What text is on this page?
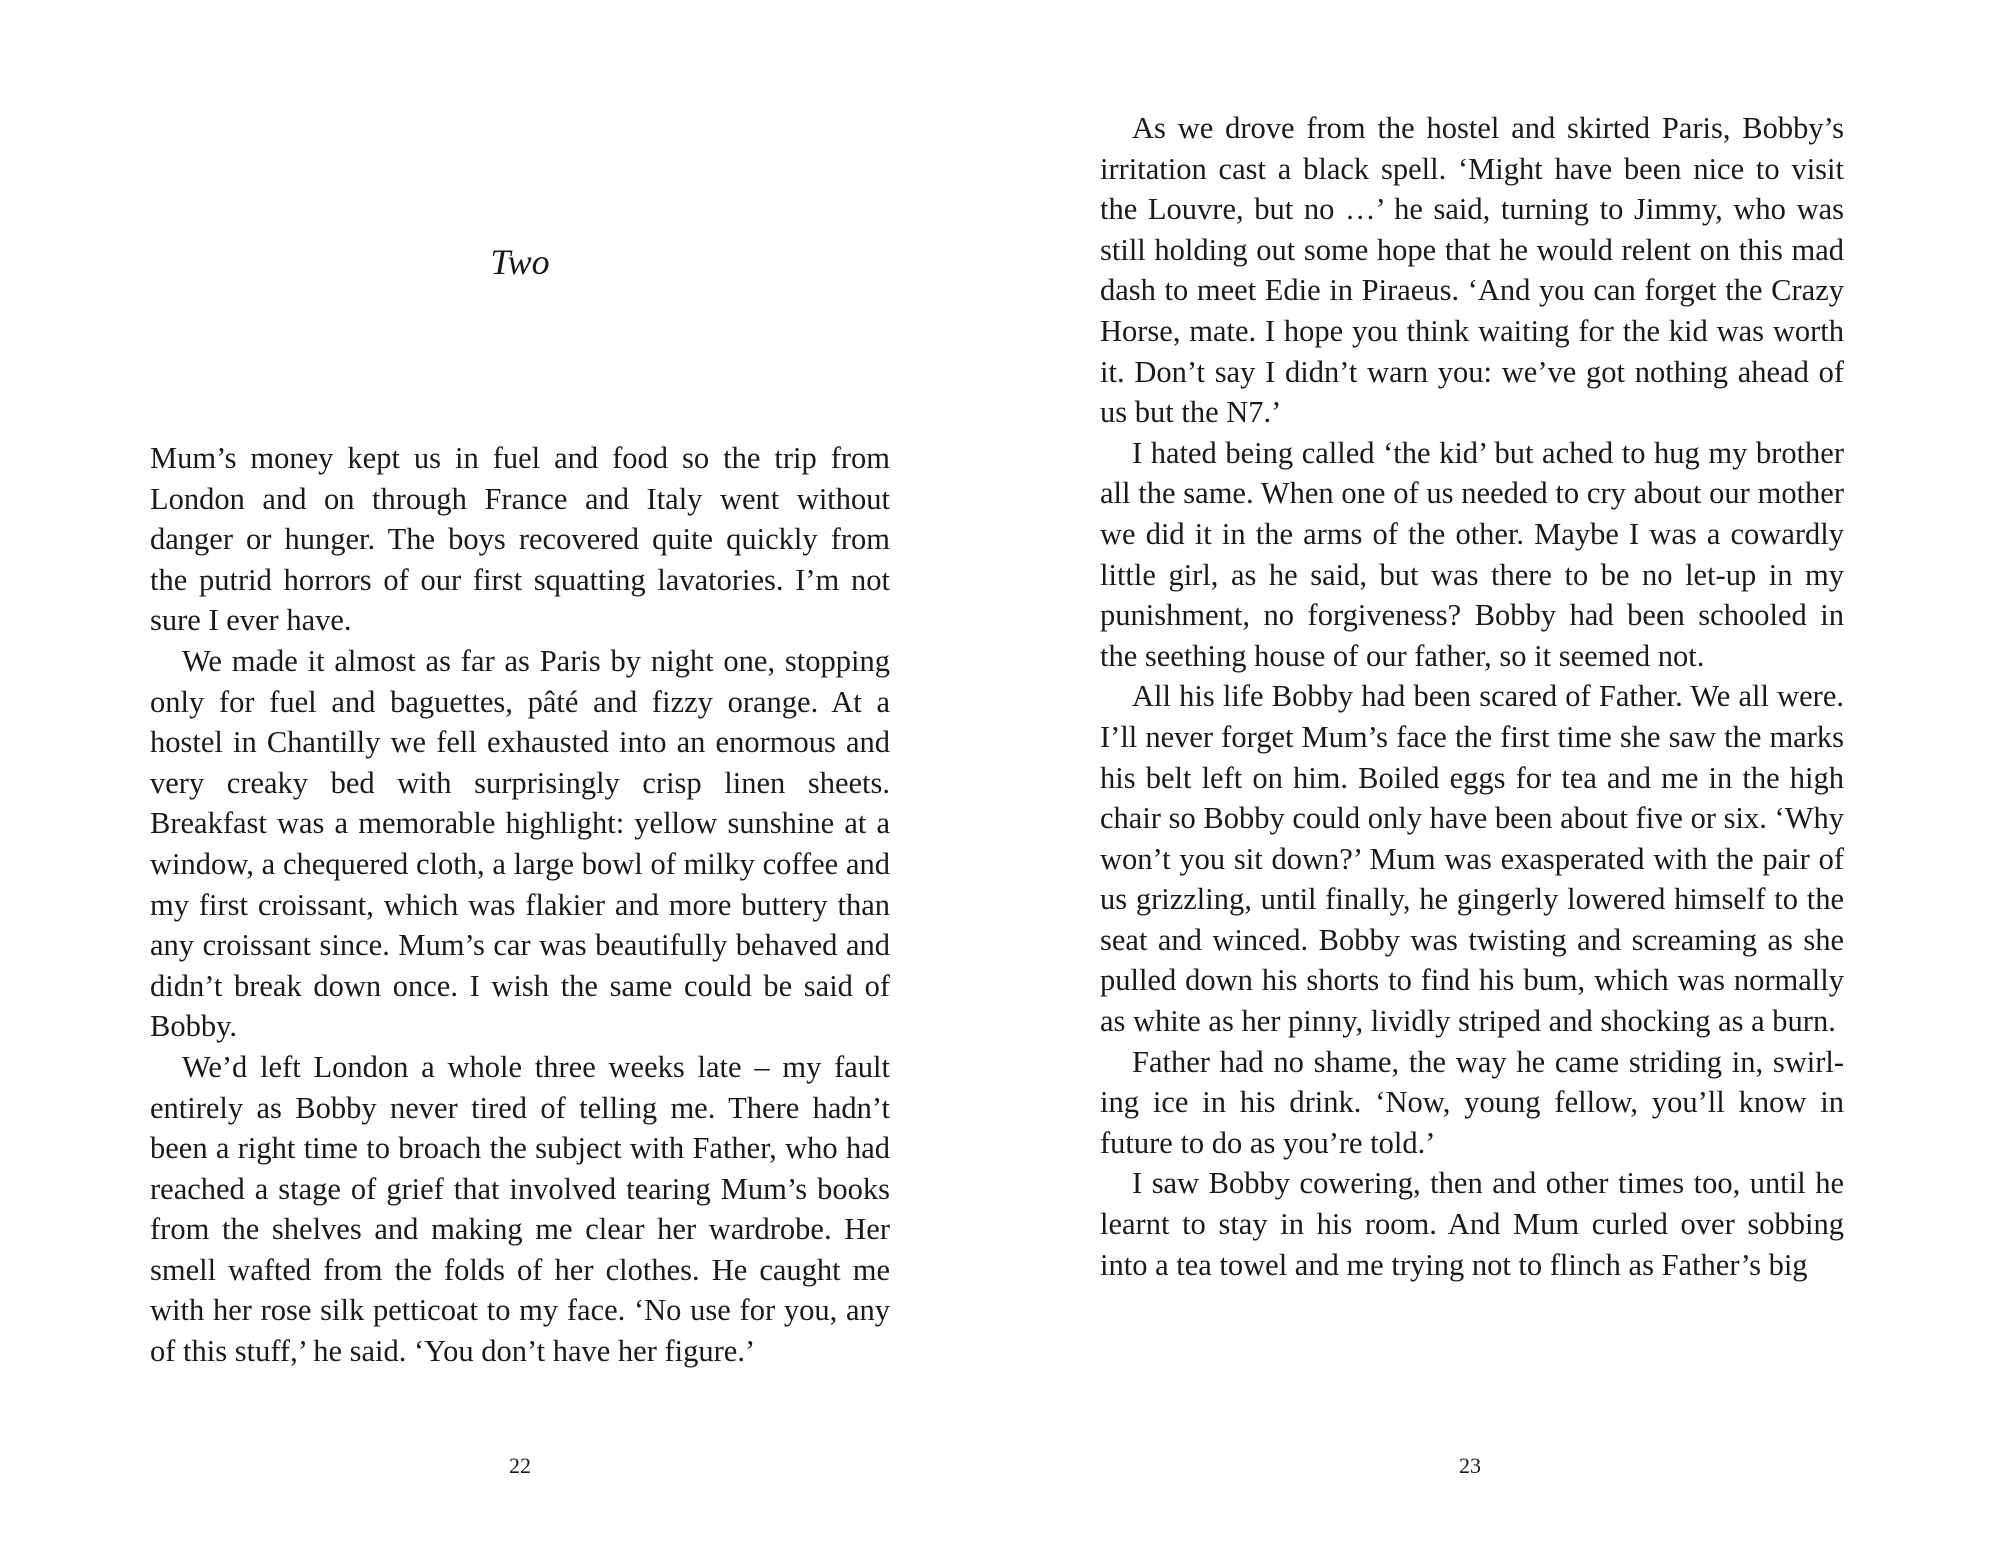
Two

Mum’s money kept us in fuel and food so the trip from London and on through France and Italy went without danger or hunger. The boys recovered quite quickly from the putrid horrors of our first squatting lavatories. I’m not sure I ever have.

We made it almost as far as Paris by night one, stopping only for fuel and baguettes, pâté and fizzy orange. At a hostel in Chantilly we fell exhausted into an enormous and very creaky bed with surprisingly crisp linen sheets. Breakfast was a memorable highlight: yellow sunshine at a window, a chequered cloth, a large bowl of milky coffee and my first croissant, which was flakier and more buttery than any croissant since. Mum’s car was beautifully behaved and didn’t break down once. I wish the same could be said of Bobby.

We’d left London a whole three weeks late – my fault entirely as Bobby never tired of telling me. There hadn’t been a right time to broach the subject with Father, who had reached a stage of grief that involved tearing Mum’s books from the shelves and making me clear her wardrobe. Her smell wafted from the folds of her clothes. He caught me with her rose silk petticoat to my face. ‘No use for you, any of this stuff,’ he said. ‘You don’t have her figure.’

22

As we drove from the hostel and skirted Paris, Bobby’s irritation cast a black spell. ‘Might have been nice to visit the Louvre, but no …’ he said, turning to Jimmy, who was still holding out some hope that he would relent on this mad dash to meet Edie in Piraeus. ‘And you can forget the Crazy Horse, mate. I hope you think waiting for the kid was worth it. Don’t say I didn’t warn you: we’ve got nothing ahead of us but the N7.’

I hated being called ‘the kid’ but ached to hug my brother all the same. When one of us needed to cry about our mother we did it in the arms of the other. Maybe I was a cowardly little girl, as he said, but was there to be no let-up in my punishment, no forgiveness? Bobby had been schooled in the seething house of our father, so it seemed not.

All his life Bobby had been scared of Father. We all were. I’ll never forget Mum’s face the first time she saw the marks his belt left on him. Boiled eggs for tea and me in the high chair so Bobby could only have been about five or six. ‘Why won’t you sit down?’ Mum was exasperated with the pair of us grizzling, until finally, he gingerly lowered himself to the seat and winced. Bobby was twisting and screaming as she pulled down his shorts to find his bum, which was normally as white as her pinny, lividly striped and shocking as a burn.

Father had no shame, the way he came striding in, swirling ice in his drink. ‘Now, young fellow, you’ll know in future to do as you’re told.’

I saw Bobby cowering, then and other times too, until he learnt to stay in his room. And Mum curled over sobbing into a tea towel and me trying not to flinch as Father’s big

23
